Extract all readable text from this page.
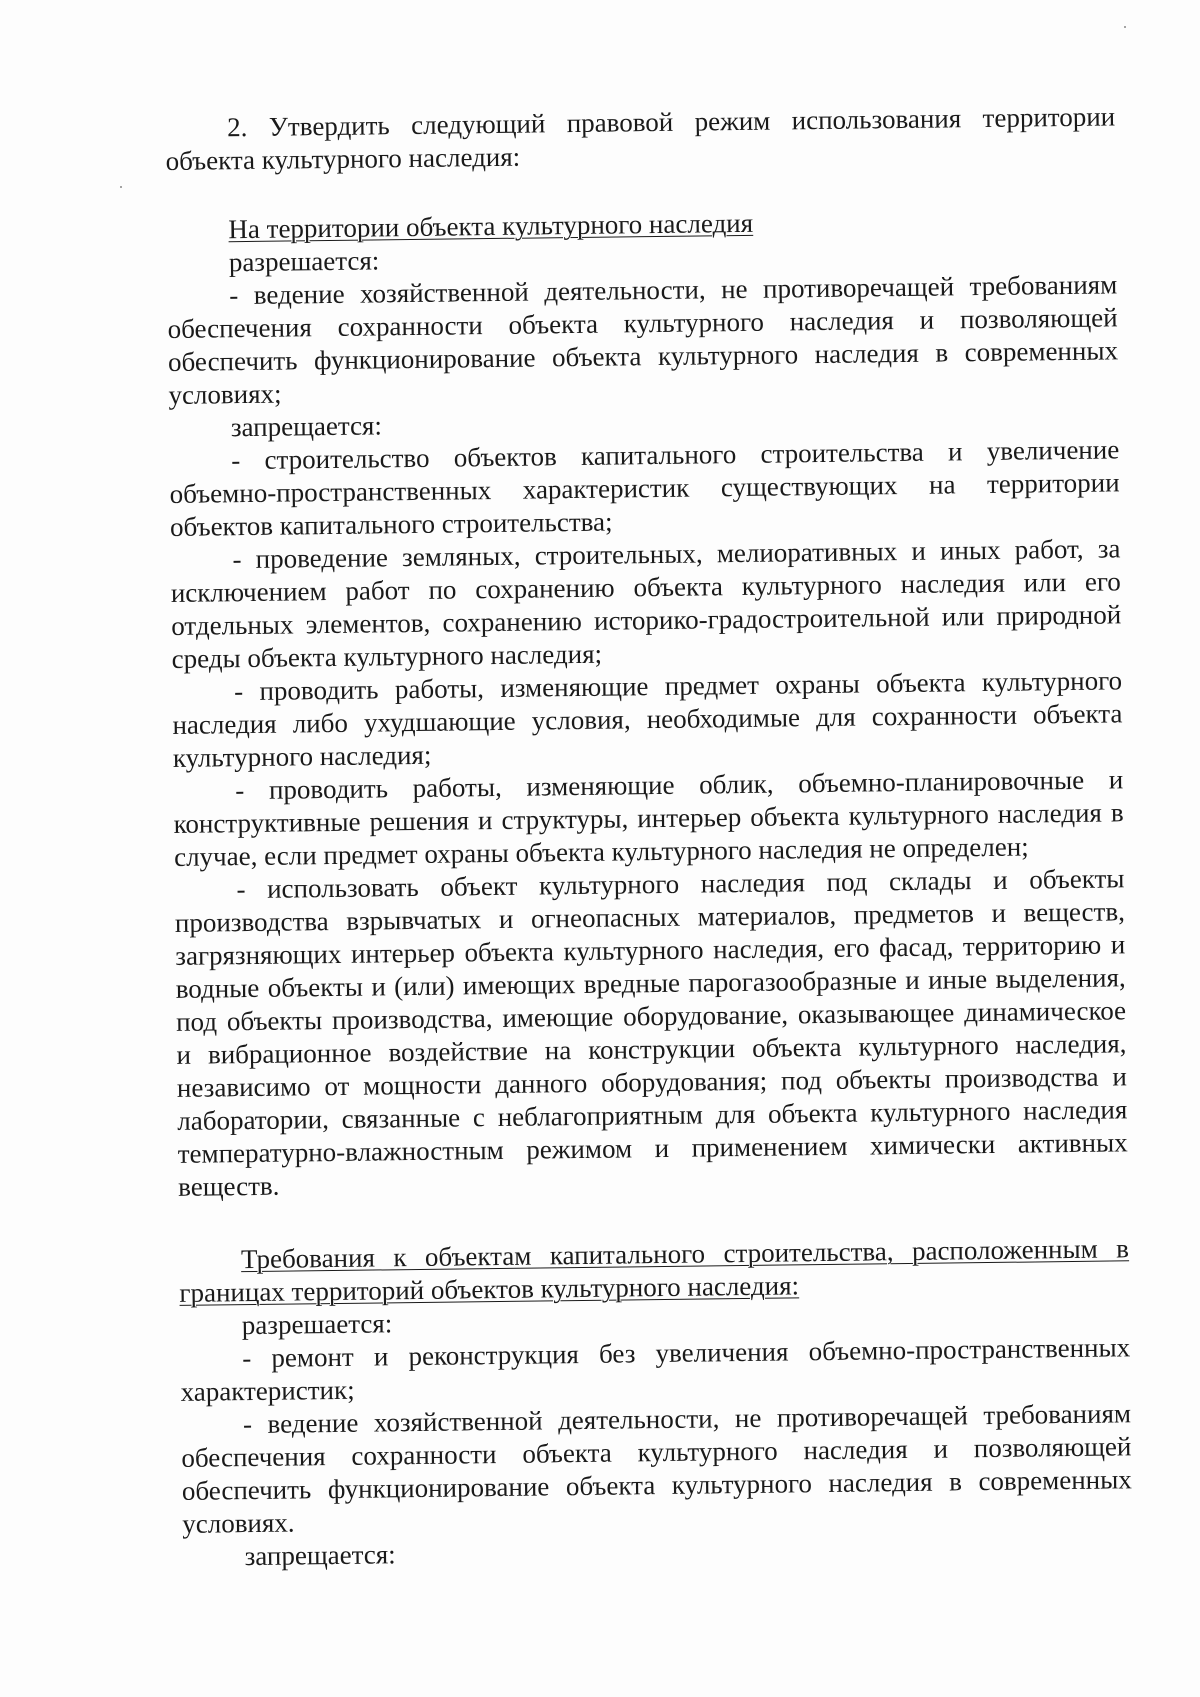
2. Утвердить следующий правовой режим использования территории объекта культурного наследия:

На территории объекта культурного наследия

разрешается:

- ведение хозяйственной деятельности, не противоречащей требованиям обеспечения сохранности объекта культурного наследия и позволяющей обеспечить функционирование объекта культурного наследия в современных условиях;

запрещается:

- строительство объектов капитального строительства и увеличение объемно-пространственных характеристик существующих на территории объектов капитального строительства;

- проведение земляных, строительных, мелиоративных и иных работ, за исключением работ по сохранению объекта культурного наследия или его отдельных элементов, сохранению историко-градостроительной или природной среды объекта культурного наследия;

- проводить работы, изменяющие предмет охраны объекта культурного наследия либо ухудшающие условия, необходимые для сохранности объекта культурного наследия;

- проводить работы, изменяющие облик, объемно-планировочные и конструктивные решения и структуры, интерьер объекта культурного наследия в случае, если предмет охраны объекта культурного наследия не определен;

- использовать объект культурного наследия под склады и объекты производства взрывчатых и огнеопасных материалов, предметов и веществ, загрязняющих интерьер объекта культурного наследия, его фасад, территорию и водные объекты и (или) имеющих вредные парогазообразные и иные выделения, под объекты производства, имеющие оборудование, оказывающее динамическое и вибрационное воздействие на конструкции объекта культурного наследия, независимо от мощности данного оборудования; под объекты производства и лаборатории, связанные с неблагоприятным для объекта культурного наследия температурно-влажностным режимом и применением химически активных веществ.

Требования к объектам капитального строительства, расположенным в границах территорий объектов культурного наследия:

разрешается:

- ремонт и реконструкция без увеличения объемно-пространственных характеристик;

- ведение хозяйственной деятельности, не противоречащей требованиям обеспечения сохранности объекта культурного наследия и позволяющей обеспечить функционирование объекта культурного наследия в современных условиях.

запрещается:
